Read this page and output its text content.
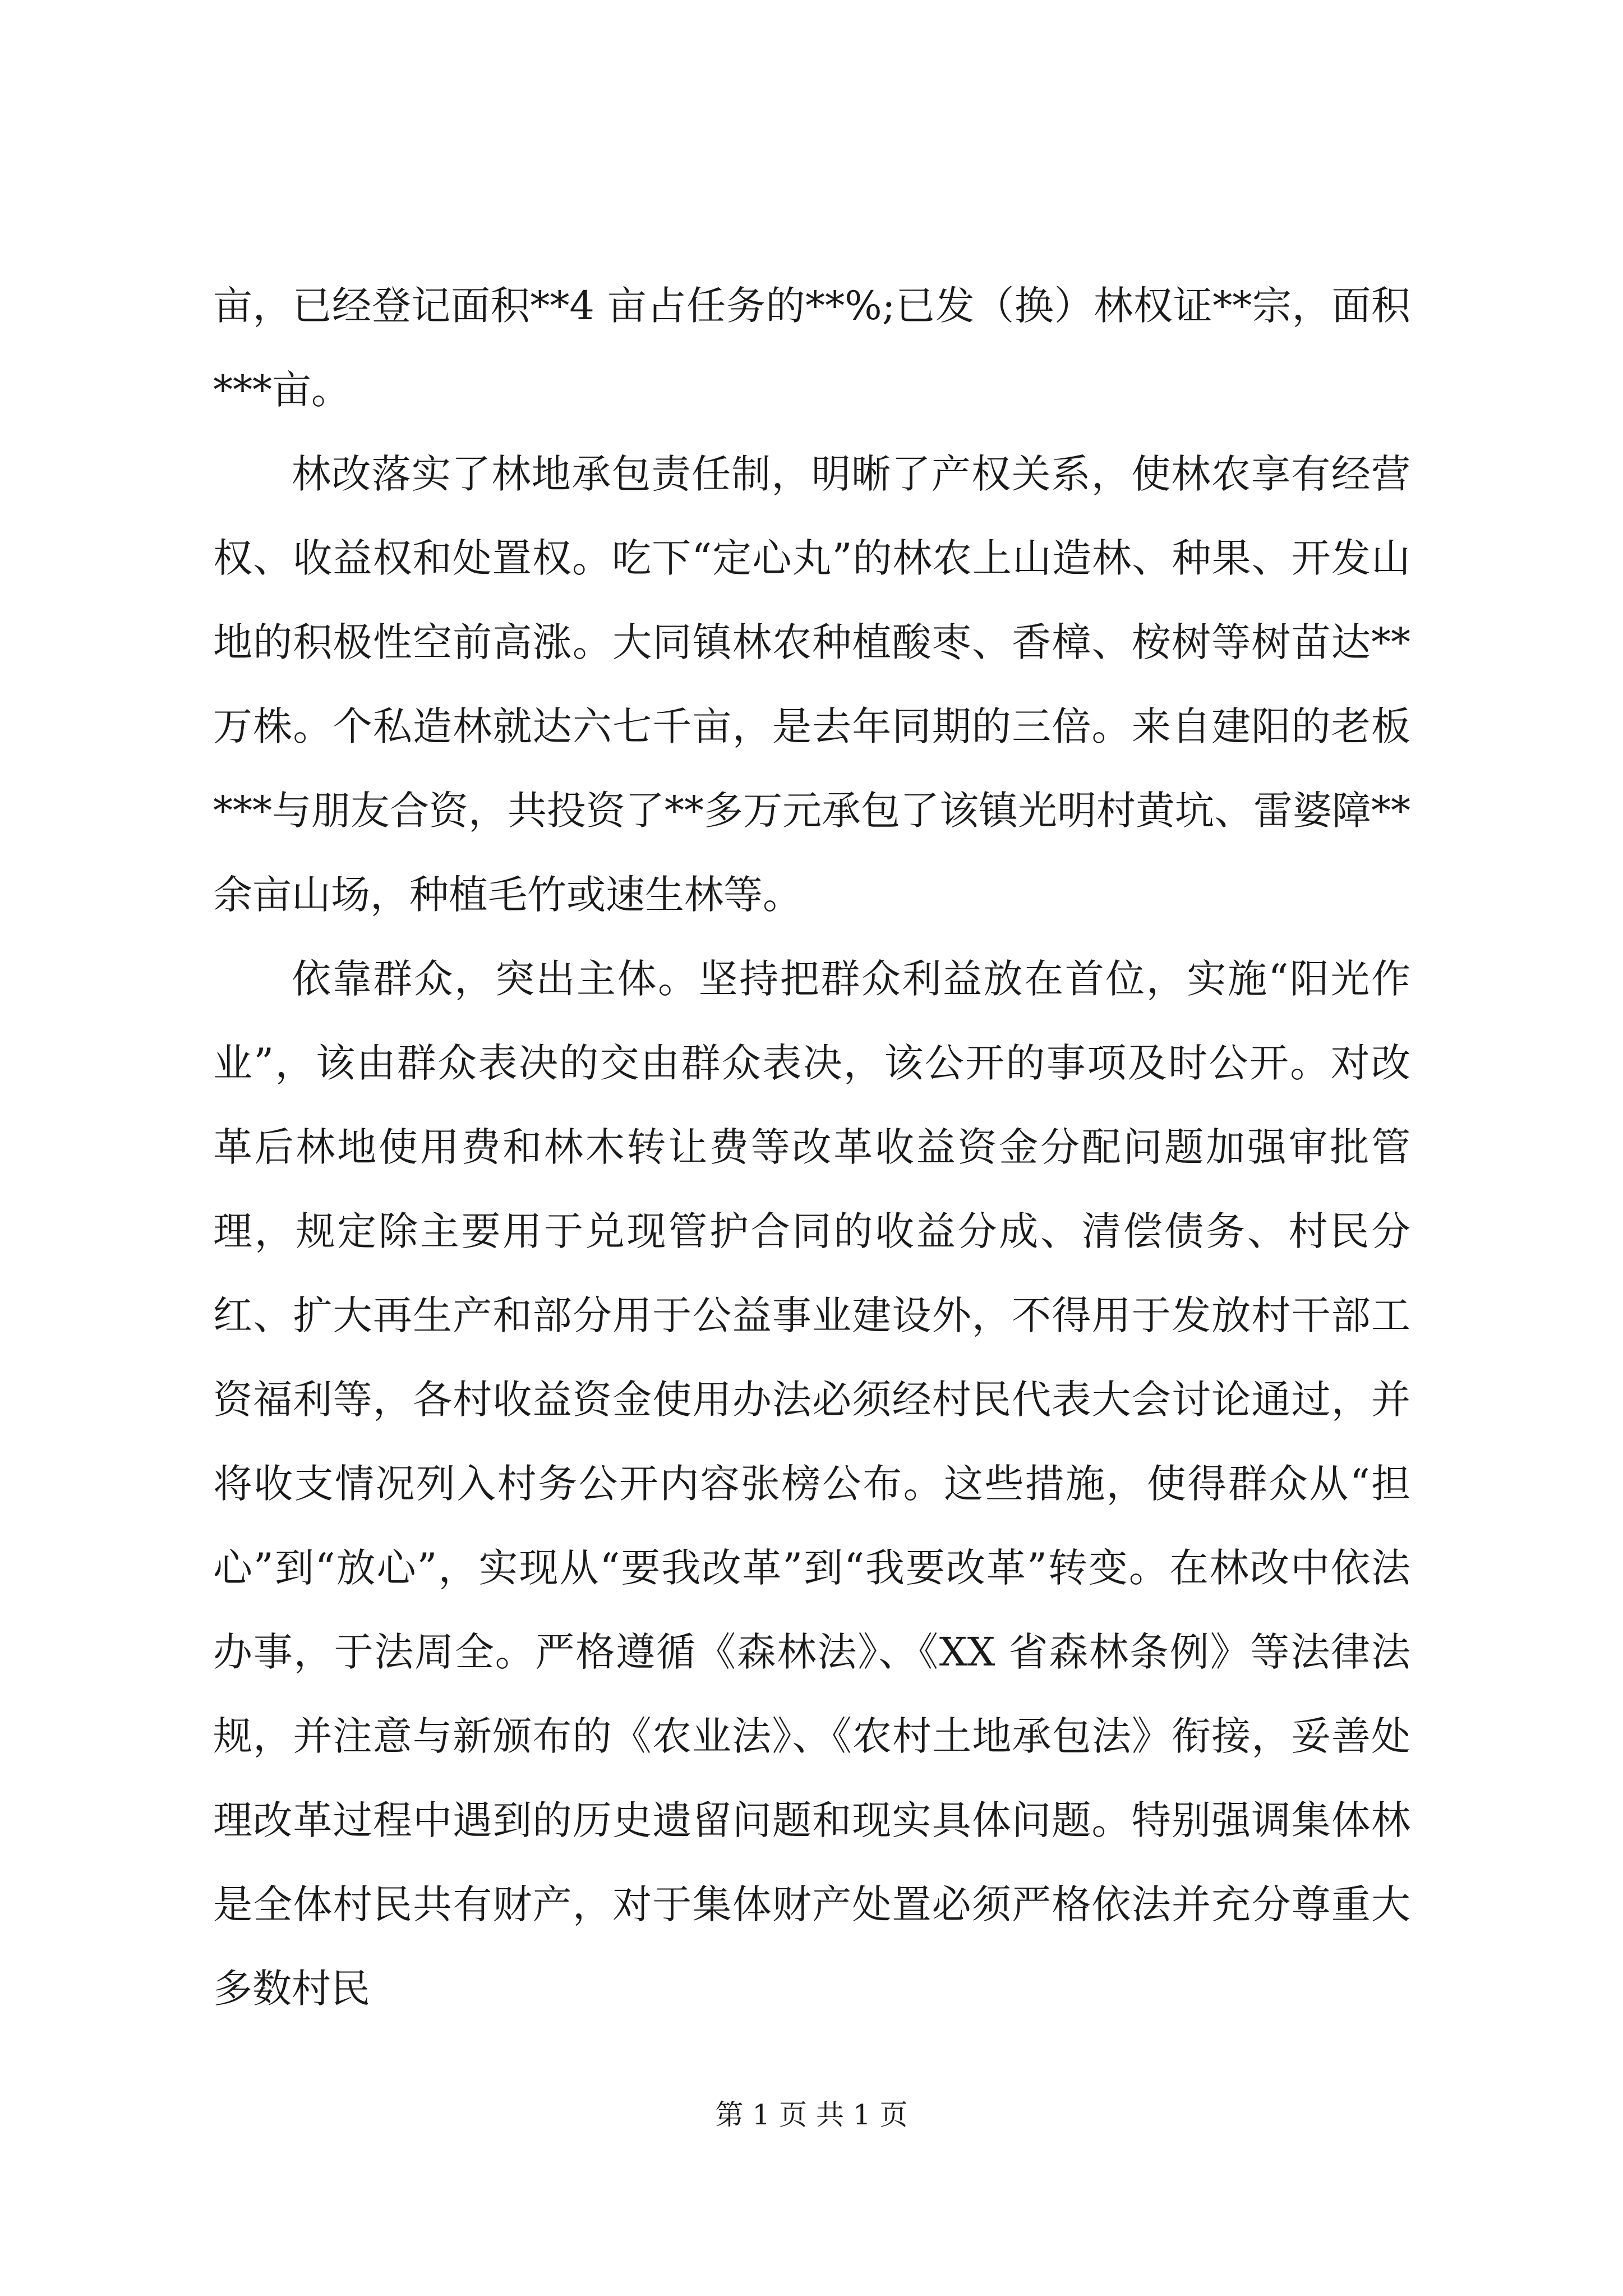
亩，已经登记面积**4 亩占任务的**%;已发（换）林权证**宗，面积***亩。

林改落实了林地承包责任制，明晰了产权关系，使林农享有经营权、收益权和处置权。吃下“定心丸”的林农上山造林、种果、开发山地的积极性空前高涨。大同镇林农种植酸枣、香樟、桉树等树苗达**万株。个私造林就达六七千亩，是去年同期的三倍。来自建阳的老板***与朋友合资，共投资了**多万元承包了该镇光明村黄坑、雷婆障**余亩山场，种植毛竹或速生林等。

依靠群众，突出主体。坚持把群众利益放在首位，实施“阳光作业”，该由群众表决的交由群众表决，该公开的事项及时公开。对改革后林地使用费和林木转让费等改革收益资金分配问题加强审批管理，规定除主要用于兑现管护合同的收益分成、清偿债务、村民分红、扩大再生产和部分用于公益事业建设外，不得用于发放村干部工资福利等，各村收益资金使用办法必须经村民代表大会讨论通过，并将收支情况列入村务公开内容张榜公布。这些措施，使得群众从“担心”到“放心”，实现从“要我改革”到“我要改革”转变。在林改中依法办事，于法周全。严格遵循《森林法》、《XX 省森林条例》等法律法规，并注意与新颁布的《农业法》、《农村土地承包法》衔接，妥善处理改革过程中遇到的历史遗留问题和现实具体问题。特别强调集体林是全体村民共有财产，对于集体财产处置必须严格依法并充分尊重大多数村民

第 1 页 共 1 页
